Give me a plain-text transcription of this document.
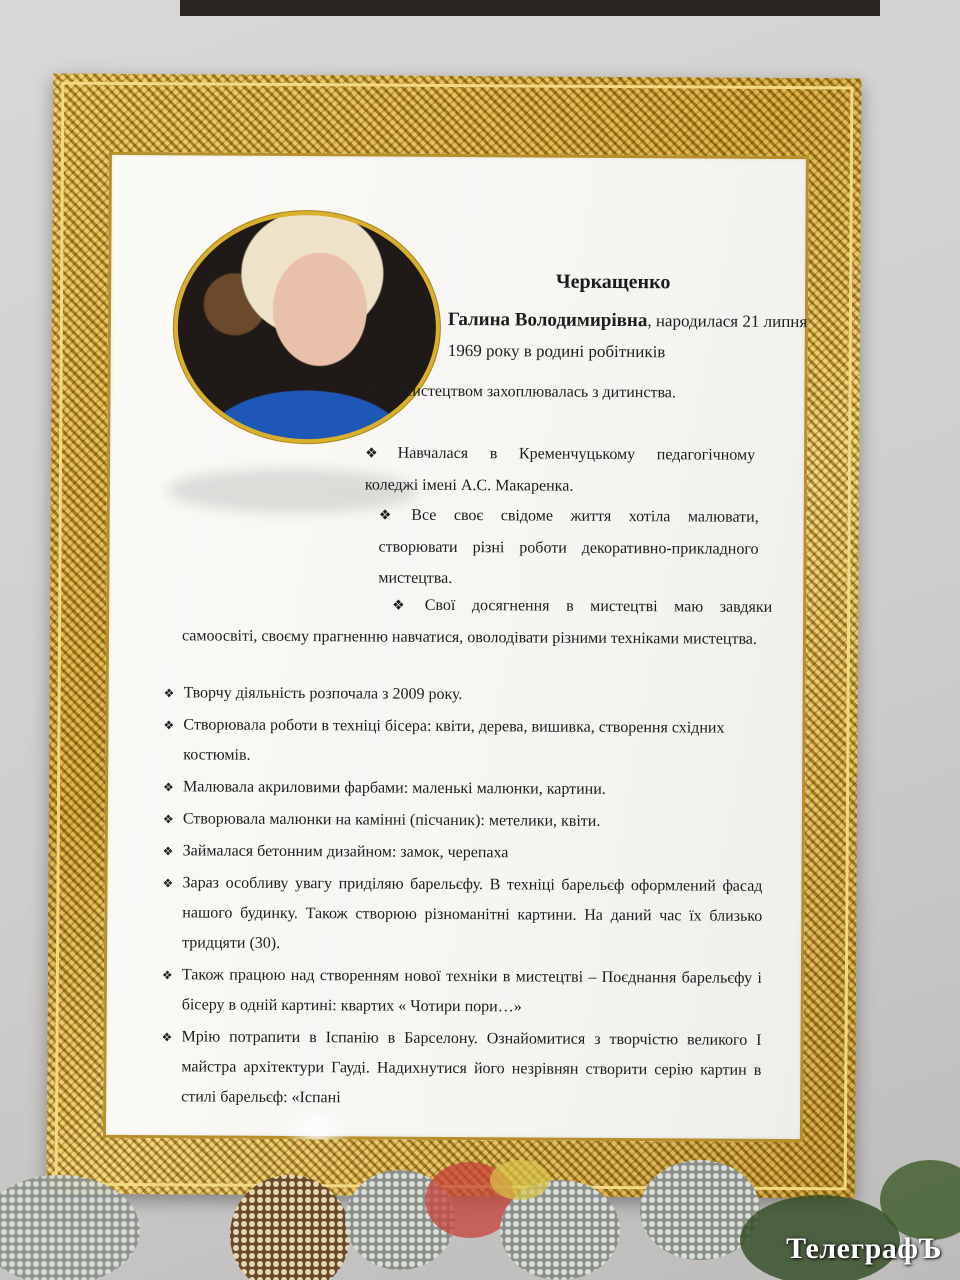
Черкащенко
Галина Володимирівна, народилася 21 липня 1969 року в родині робітників
❖ Мистецтвом захоплювалась з дитинства.
❖ Навчалася в Кременчуцькому педагогічному коледжі імені А.С. Макаренка.
❖ Все своє свідоме життя хотіла малювати, створювати різні роботи декоративно-прикладного мистецтва.
❖ Свої досягнення в мистецтві маю завдяки самоосвіті, своєму прагненню навчатися, оволодівати різними техніками мистецтва.
❖ Творчу діяльність розпочала з 2009 року.
❖ Створювала роботи в техніці бісера: квіти, дерева, вишивка, створення східних костюмів.
❖ Малювала акриловими фарбами: маленькі малюнки, картини.
❖ Створювала малюнки на камінні (пісчаник): метелики, квіти.
❖ Займалася бетонним дизайном: замок, черепаха
❖ Зараз особливу увагу приділяю барельєфу. В техніці барельєф оформлений фасад нашого будинку. Також створюю різноманітні картини. На даний час їх близько тридцяти (30).
❖ Також працюю над створенням нової техніки в мистецтві – Поєднання барельєфу і бісеру в одній картині: квартих « Чотири пори…»
❖ Мрію потрапити в Іспанію в Барселону. Ознайомитися з творчістю великого І майстра архітектури Гауді. Надихнутися його незрівнян створити серію картин в стилі барельєф: «Іспані
ТелеграфЪ
